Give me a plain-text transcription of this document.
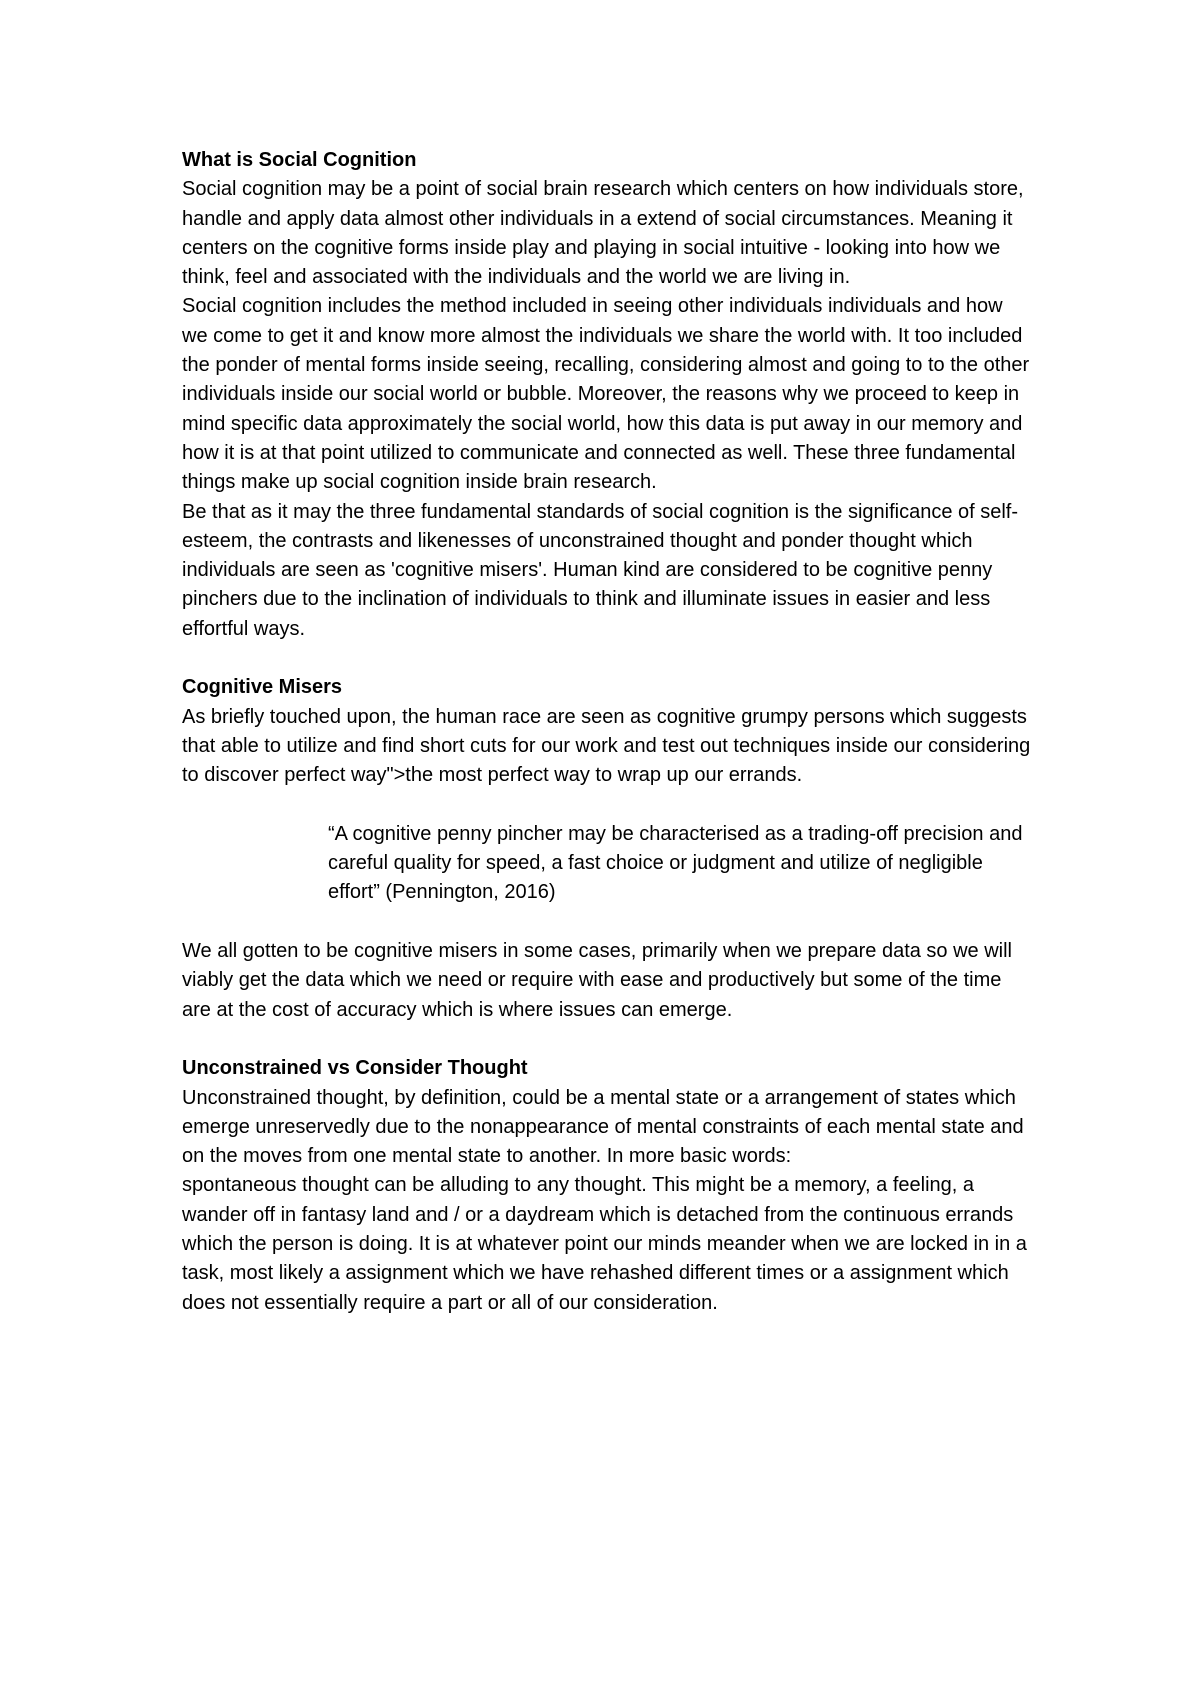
What is Social Cognition

Social cognition may be a point of social brain research which centers on how individuals store, handle and apply data almost other individuals in a extend of social circumstances. Meaning it centers on the cognitive forms inside play and playing in social intuitive - looking into how we think, feel and associated with the individuals and the world we are living in.

Social cognition includes the method included in seeing other individuals individuals and how we come to get it and know more almost the individuals we share the world with. It too included the ponder of mental forms inside seeing, recalling, considering almost and going to to the other individuals inside our social world or bubble. Moreover, the reasons why we proceed to keep in mind specific data approximately the social world, how this data is put away in our memory and how it is at that point utilized to communicate and connected as well. These three fundamental things make up social cognition inside brain research.

Be that as it may the three fundamental standards of social cognition is the significance of self-esteem, the contrasts and likenesses of unconstrained thought and ponder thought which individuals are seen as 'cognitive misers'. Human kind are considered to be cognitive penny pinchers due to the inclination of individuals to think and illuminate issues in easier and less effortful ways.

Cognitive Misers

As briefly touched upon, the human race are seen as cognitive grumpy persons which suggests that able to utilize and find short cuts for our work and test out techniques inside our considering to discover perfect way">the most perfect way to wrap up our errands.

“A cognitive penny pincher may be characterised as a trading-off precision and careful quality for speed, a fast choice or judgment and utilize of negligible effort” (Pennington, 2016)

We all gotten to be cognitive misers in some cases, primarily when we prepare data so we will viably get the data which we need or require with ease and productively but some of the time are at the cost of accuracy which is where issues can emerge.

Unconstrained vs Consider Thought

Unconstrained thought, by definition, could be a mental state or a arrangement of states which emerge unreservedly due to the nonappearance of mental constraints of each mental state and on the moves from one mental state to another. In more basic words:

spontaneous thought can be alluding to any thought. This might be a memory, a feeling, a wander off in fantasy land and / or a daydream which is detached from the continuous errands which the person is doing. It is at whatever point our minds meander when we are locked in in a task, most likely a assignment which we have rehashed different times or a assignment which does not essentially require a part or all of our consideration.
